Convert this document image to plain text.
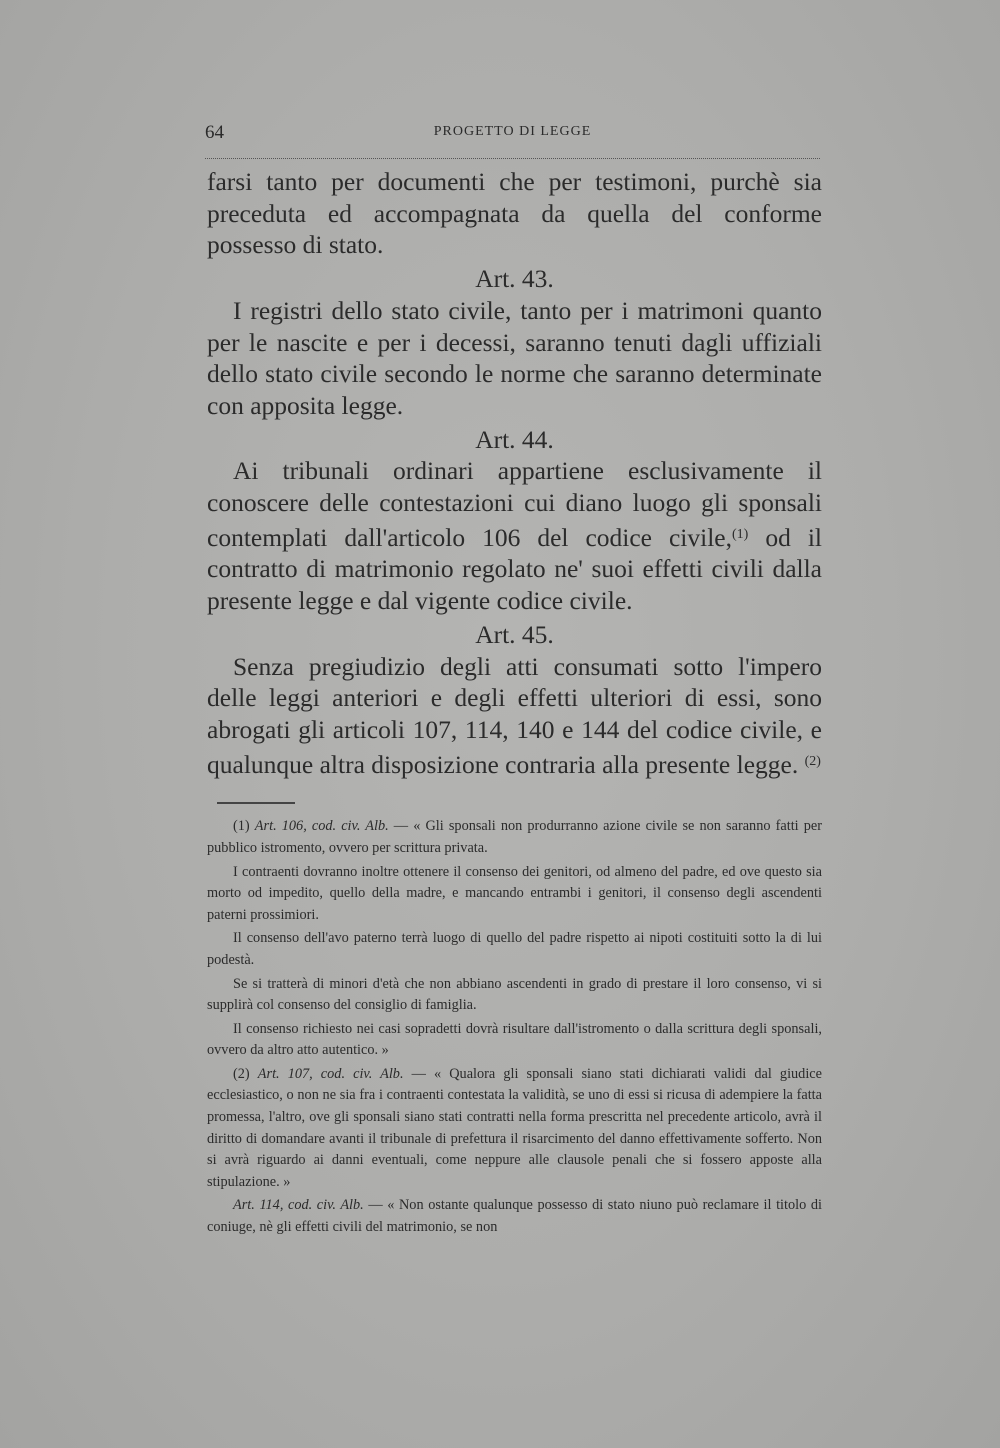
64	PROGETTO DI LEGGE

farsi tanto per documenti che per testimoni, purchè sia preceduta ed accompagnata da quella del conforme possesso di stato.

Art. 43.

I registri dello stato civile, tanto per i matrimoni quanto per le nascite e per i decessi, saranno tenuti dagli uffiziali dello stato civile secondo le norme che saranno determinate con apposita legge.

Art. 44.

Ai tribunali ordinari appartiene esclusivamente il conoscere delle contestazioni cui diano luogo gli sponsali contemplati dall'articolo 106 del codice civile,$^{(1)}$ od il contratto di matrimonio regolato ne' suoi effetti civili dalla presente legge e dal vigente codice civile.

Art. 45.

Senza pregiudizio degli atti consumati sotto l'impero delle leggi anteriori e degli effetti ulteriori di essi, sono abrogati gli articoli 107, 114, 140 e 144 del codice civile, e qualunque altra disposizione contraria alla presente legge. $^{(2)}$

(1) Art. 106, cod. civ. Alb. — « Gli sponsali non produrranno azione civile se non saranno fatti per pubblico istromento, ovvero per scrittura privata.

I contraenti dovranno inoltre ottenere il consenso dei genitori, od almeno del padre, ed ove questo sia morto od impedito, quello della madre, e mancando entrambi i genitori, il consenso degli ascendenti paterni prossimiori.

Il consenso dell'avo paterno terrà luogo di quello del padre rispetto ai nipoti costituiti sotto la di lui podestà.

Se si tratterà di minori d'età che non abbiano ascendenti in grado di prestare il loro consenso, vi si supplirà col consenso del consiglio di famiglia.

Il consenso richiesto nei casi sopradetti dovrà risultare dall'istromento o dalla scrittura degli sponsali, ovvero da altro atto autentico. »

(2) Art. 107, cod. civ. Alb. — « Qualora gli sponsali siano stati dichiarati validi dal giudice ecclesiastico, o non ne sia fra i contraenti contestata la validità, se uno di essi si ricusa di adempiere la fatta promessa, l'altro, ove gli sponsali siano stati contratti nella forma prescritta nel precedente articolo, avrà il diritto di domandare avanti il tribunale di prefettura il risarcimento del danno effettivamente sofferto. Non si avrà riguardo ai danni eventuali, come neppure alle clausole penali che si fossero apposte alla stipulazione. »

Art. 114, cod. civ. Alb. — « Non ostante qualunque possesso di stato niuno può reclamare il titolo di coniuge, nè gli effetti civili del matrimonio, se non
